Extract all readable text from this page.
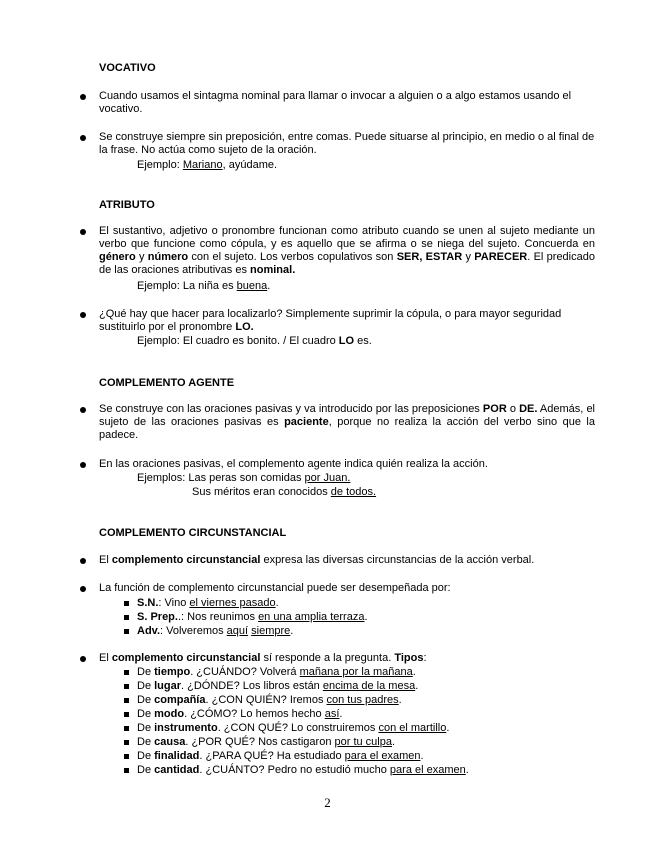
VOCATIVO
Cuando usamos el sintagma nominal para llamar o invocar a alguien o a algo estamos usando el vocativo.
Se construye siempre sin preposición, entre comas. Puede situarse al principio, en medio o al final de la frase. No actúa como sujeto de la oración.
Ejemplo: Mariano, ayúdame.
ATRIBUTO
El sustantivo, adjetivo o pronombre funcionan como atributo cuando se unen al sujeto mediante un verbo que funcione como cópula, y es aquello que se afirma o se niega del sujeto. Concuerda en género y número con el sujeto. Los verbos copulativos son SER, ESTAR y PARECER. El predicado de las oraciones atributivas es nominal.
Ejemplo: La niña es buena.
¿Qué hay que hacer para localizarlo? Simplemente suprimir la cópula, o para mayor seguridad sustituirlo por el pronombre LO.
Ejemplo: El cuadro es bonito. / El cuadro LO es.
COMPLEMENTO AGENTE
Se construye con las oraciones pasivas y va introducido por las preposiciones POR o DE. Además, el sujeto de las oraciones pasivas es paciente, porque no realiza la acción del verbo sino que la padece.
En las oraciones pasivas, el complemento agente indica quién realiza la acción.
Ejemplos: Las peras son comidas por Juan.
Sus méritos eran conocidos de todos.
COMPLEMENTO CIRCUNSTANCIAL
El complemento circunstancial expresa las diversas circunstancias de la acción verbal.
La función de complemento circunstancial puede ser desempeñada por:
S.N.: Vino el viernes pasado.
S. Prep..: Nos reunimos en una amplia terraza.
Adv.: Volveremos aquí siempre.
El complemento circunstancial sí responde a la pregunta. Tipos:
De tiempo. ¿CUÁNDO? Volverá mañana por la mañana.
De lugar. ¿DÓNDE? Los libros están encima de la mesa.
De compañía. ¿CON QUIÉN? Iremos con tus padres.
De modo. ¿CÓMO? Lo hemos hecho así.
De instrumento. ¿CON QUÉ? Lo construiremos con el martillo.
De causa. ¿POR QUÉ? Nos castigaron por tu culpa.
De finalidad. ¿PARA QUÉ? Ha estudiado para el examen.
De cantidad. ¿CUÁNTO? Pedro no estudió mucho para el examen.
2
